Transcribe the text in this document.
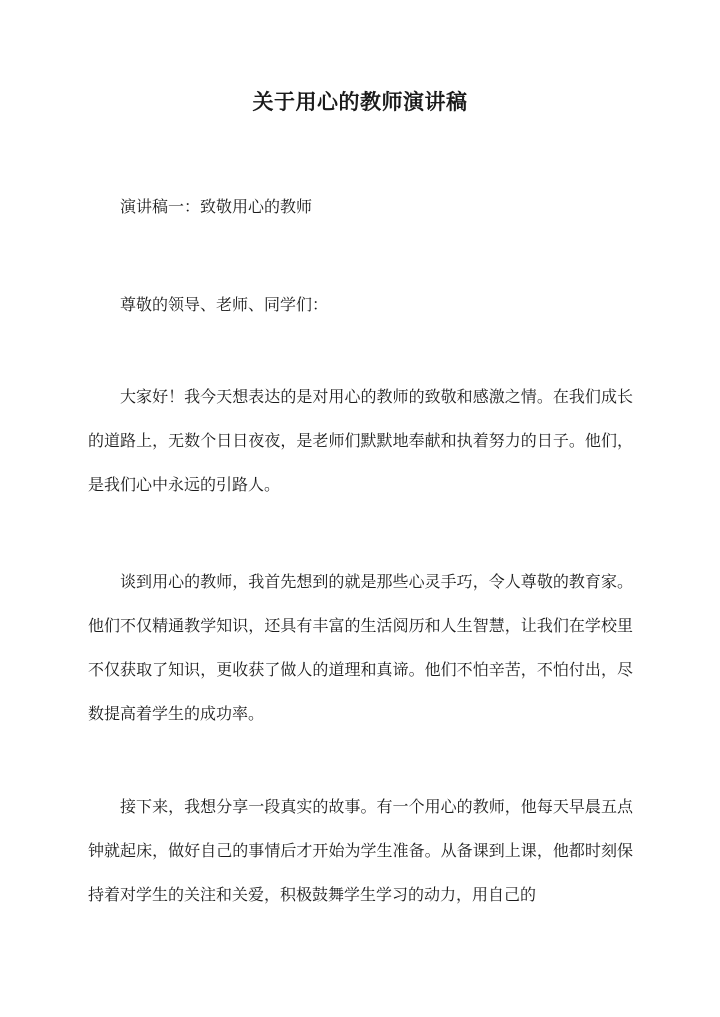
关于用心的教师演讲稿

演讲稿一：致敬用心的教师

尊敬的领导、老师、同学们：

大家好！我今天想表达的是对用心的教师的致敬和感激之情。在我们成长的道路上，无数个日日夜夜，是老师们默默地奉献和执着努力的日子。他们，是我们心中永远的引路人。

谈到用心的教师，我首先想到的就是那些心灵手巧，令人尊敬的教育家。他们不仅精通教学知识，还具有丰富的生活阅历和人生智慧，让我们在学校里不仅获取了知识，更收获了做人的道理和真谛。他们不怕辛苦，不怕付出，尽数提高着学生的成功率。

接下来，我想分享一段真实的故事。有一个用心的教师，他每天早晨五点钟就起床，做好自己的事情后才开始为学生准备。从备课到上课，他都时刻保持着对学生的关注和关爱，积极鼓舞学生学习的动力，用自己的
